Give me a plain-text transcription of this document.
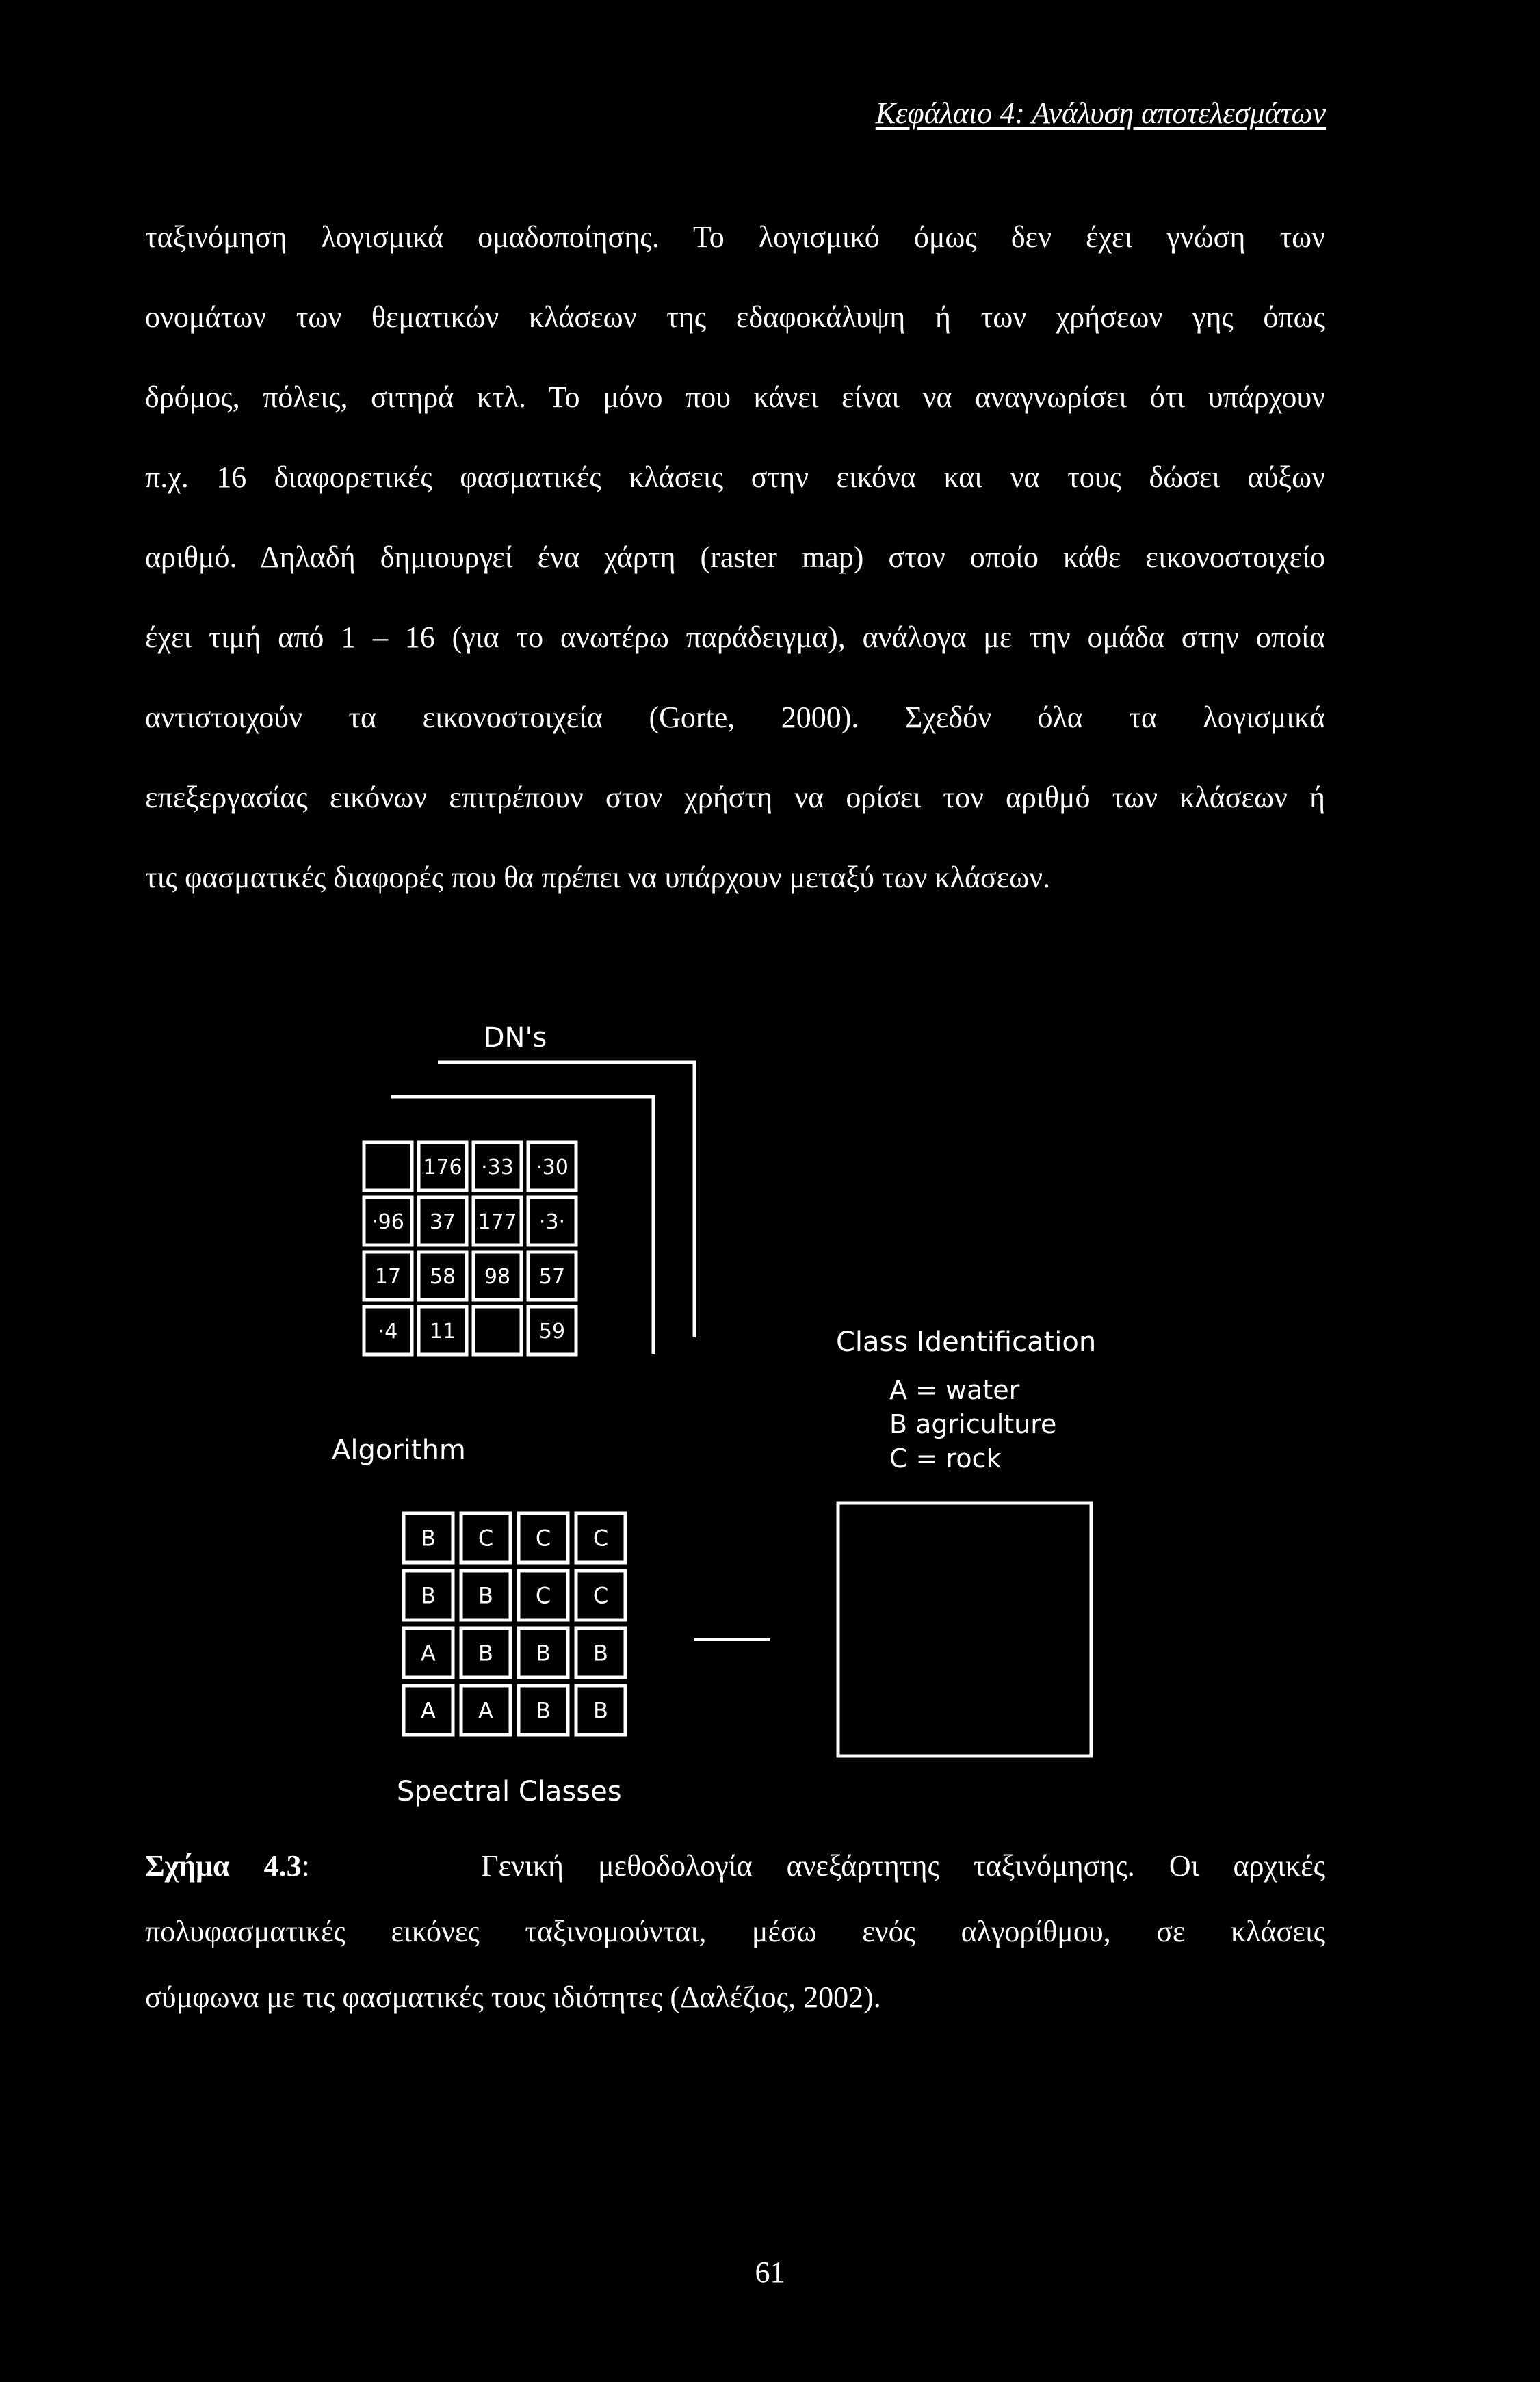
Κεφάλαιο 4: Ανάλυση αποτελεσμάτων

ταξινόμηση λογισμικά ομαδοποίησης. Το λογισμικό όμως δεν έχει γνώση των
ονομάτων των θεματικών κλάσεων της εδαφοκάλυψη ή των χρήσεων γης όπως
δρόμος, πόλεις, σιτηρά κτλ. Το μόνο που κάνει είναι να αναγνωρίσει ότι υπάρχουν
π.χ. 16 διαφορετικές φασματικές κλάσεις στην εικόνα και να τους δώσει αύξων
αριθμό. Δηλαδή δημιουργεί ένα χάρτη (raster map) στον οποίο κάθε εικονοστοιχείο
έχει τιμή από 1 – 16 (για το ανωτέρω παράδειγμα), ανάλογα με την ομάδα στην οποία
αντιστοιχούν τα εικονοστοιχεία (Gorte, 2000). Σχεδόν όλα τα λογισμικά
επεξεργασίας εικόνων επιτρέπουν στον χρήστη να ορίσει τον αριθμό των κλάσεων ή
τις φασματικές διαφορές που θα πρέπει να υπάρχουν μεταξύ των κλάσεων.

176 ·33 ·30
·96 37 177 ·3·
17 58 98 57
·4 11	59
B C C C
B B C C
A B B B
A A B B
DN's
Algorithm
Class Identification
A = water
B agriculture
C = rock
Spectral Classes

Σχήμα 4.3:	Γενική μεθοδολογία ανεξάρτητης ταξινόμησης. Οι αρχικές
πολυφασματικές εικόνες ταξινομούνται, μέσω ενός αλγορίθμου, σε κλάσεις
σύμφωνα με τις φασματικές τους ιδιότητες (Δαλέζιος, 2002).

61
